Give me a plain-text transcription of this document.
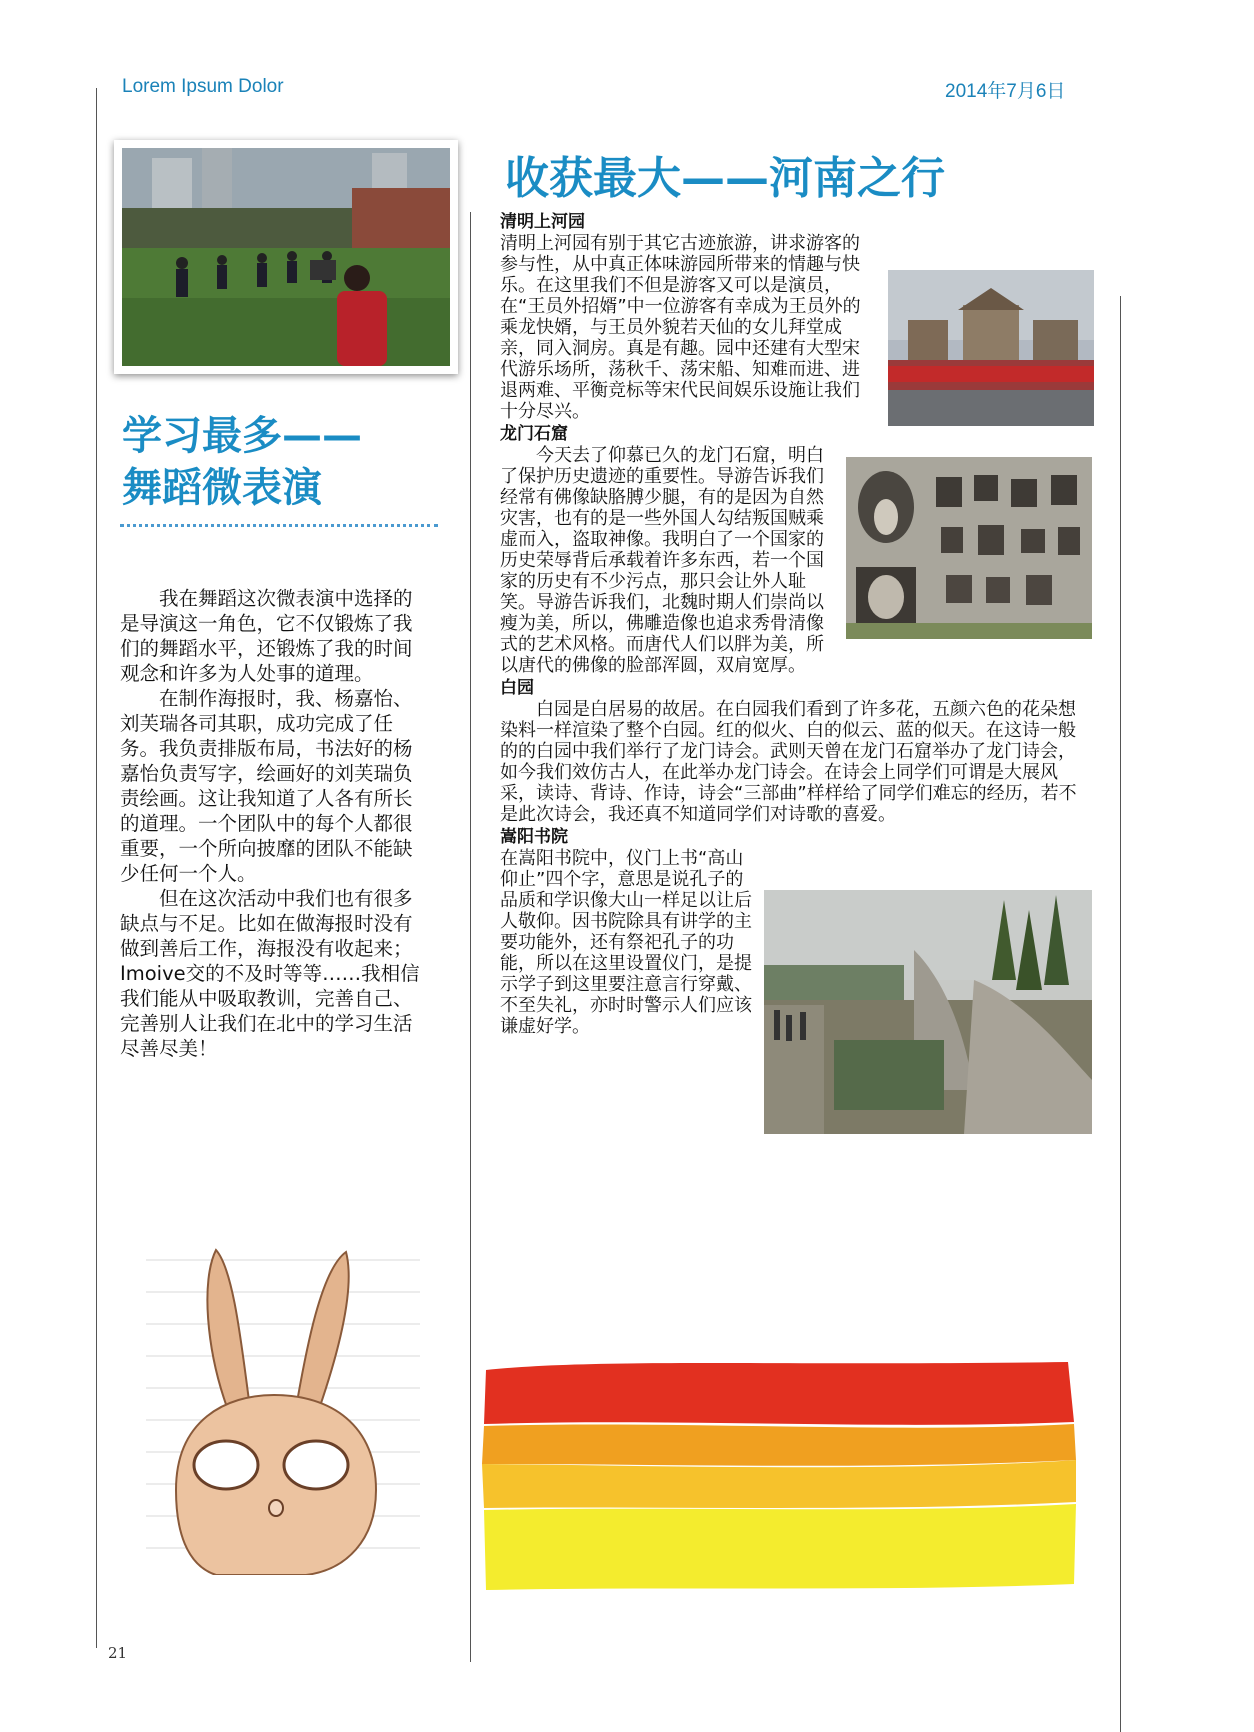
Lorem Ipsum Dolor	2014年7月6日
学习最多——
舞蹈微表演

我在舞蹈这次微表演中选择的是导演这一角色，它不仅锻炼了我们的舞蹈水平，还锻炼了我的时间观念和许多为人处事的道理。

在制作海报时，我、杨嘉怡、刘芙瑞各司其职，成功完成了任务。我负责排版布局，书法好的杨嘉怡负责写字，绘画好的刘芙瑞负责绘画。这让我知道了人各有所长的道理。一个团队中的每个人都很重要，一个所向披靡的团队不能缺少任何一个人。

但在这次活动中我们也有很多缺点与不足。比如在做海报时没有做到善后工作，海报没有收起来；Imoive交的不及时等等……我相信我们能从中吸取教训，完善自己、完善别人让我们在北中的学习生活尽善尽美！

收获最大——河南之行
清明上河园

清明上河园有别于其它古迹旅游，讲求游客的参与性，从中真正体味游园所带来的情趣与快乐。在这里我们不但是游客又可以是演员，在“王员外招婿”中一位游客有幸成为王员外的乘龙快婿，与王员外貌若天仙的女儿拜堂成亲，同入洞房。真是有趣。园中还建有大型宋代游乐场所，荡秋千、荡宋船、知难而进、进退两难、平衡竞标等宋代民间娱乐设施让我们十分尽兴。

龙门石窟

今天去了仰慕已久的龙门石窟，明白了保护历史遗迹的重要性。导游告诉我们经常有佛像缺胳膊少腿，有的是因为自然灾害，也有的是一些外国人勾结叛国贼乘虚而入，盗取神像。我明白了一个国家的历史荣辱背后承载着许多东西，若一个国家的历史有不少污点，那只会让外人耻笑。导游告诉我们，北魏时期人们崇尚以瘦为美，所以，佛雕造像也追求秀骨清像式的艺术风格。而唐代人们以胖为美，所以唐代的佛像的脸部浑圆，双肩宽厚。

白园

白园是白居易的故居。在白园我们看到了许多花，五颜六色的花朵想染料一样渲染了整个白园。红的似火、白的似云、蓝的似天。在这诗一般的的白园中我们举行了龙门诗会。武则天曾在龙门石窟举办了龙门诗会，如今我们效仿古人，在此举办龙门诗会。在诗会上同学们可谓是大展风采，读诗、背诗、作诗，诗会“三部曲”样样给了同学们难忘的经历，若不是此次诗会，我还真不知道同学们对诗歌的喜爱。

嵩阳书院

在嵩阳书院中，仪门上书“高山仰止”四个字，意思是说孔子的品质和学识像大山一样足以让后人敬仰。因书院除具有讲学的主要功能外，还有祭祀孔子的功能，所以在这里设置仪门，是提示学子到这里要注意言行穿戴、不至失礼，亦时时警示人们应该谦虚好学。

21
